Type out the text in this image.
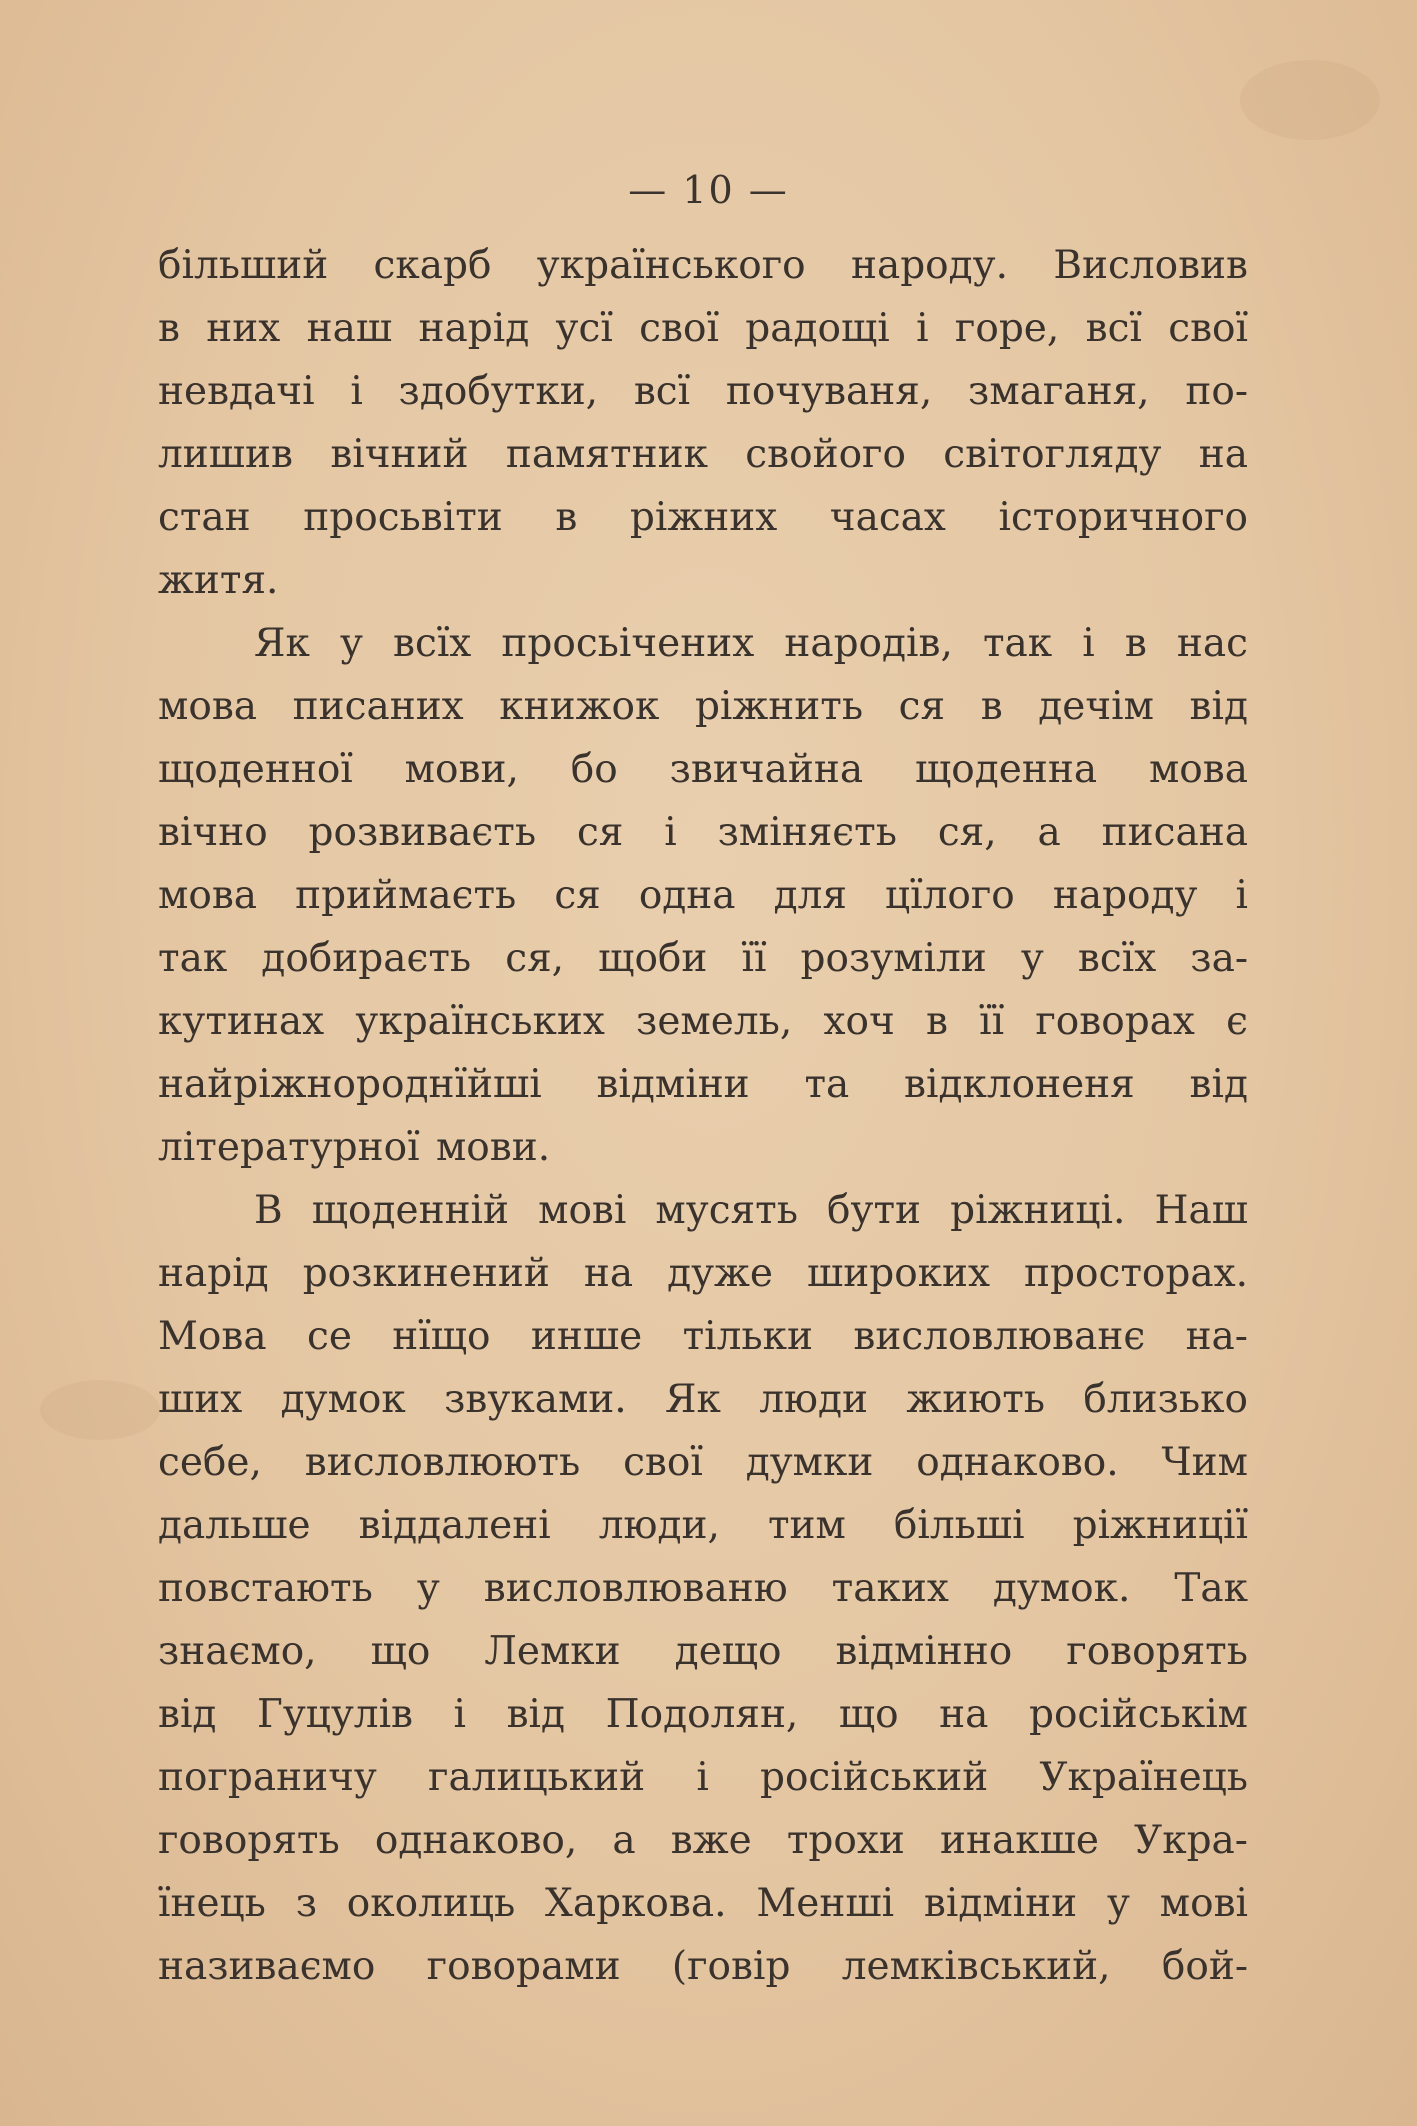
— 10 —
більший скарб українського народу. Висловив
в них наш нарід усї свої радощі і горе, всї свої
невдачі і здобутки, всї почуваня, змаганя, по-
лишив вічний памятник свойого світогляду на
стан просьвіти в ріжних часах історичного
житя.
Як у всїх просьічених народів, так і в нас
мова писаних книжок ріжнить ся в дечім від
щоденної мови, бо звичайна щоденна мова
вічно розвиваєть ся і зміняєть ся, а писана
мова приймаєть ся одна для цїлого народу і
так добираєть ся, щоби її розуміли у всїх за-
кутинах українських земель, хоч в її говорах є
найріжнороднїйші відміни та відклоненя від
літературної мови.
В щоденній мові мусять бути ріжниці. Наш
нарід розкинений на дуже широких просторах.
Мова се нїщо инше тільки висловлюванє на-
ших думок звуками. Як люди жиють близько
себе, висловлюють свої думки однаково. Чим
дальше віддалені люди, тим більші ріжниції
повстають у висловлюваню таких думок. Так
знаємо, що Лемки дещо відмінно говорять
від Гуцулів і від Подолян, що на російськім
пограничу галицький і російський Українець
говорять однаково, а вже трохи инакше Укра-
їнець з околиць Харкова. Менші відміни у мові
називаємо говорами (говір лемківський, бой-
